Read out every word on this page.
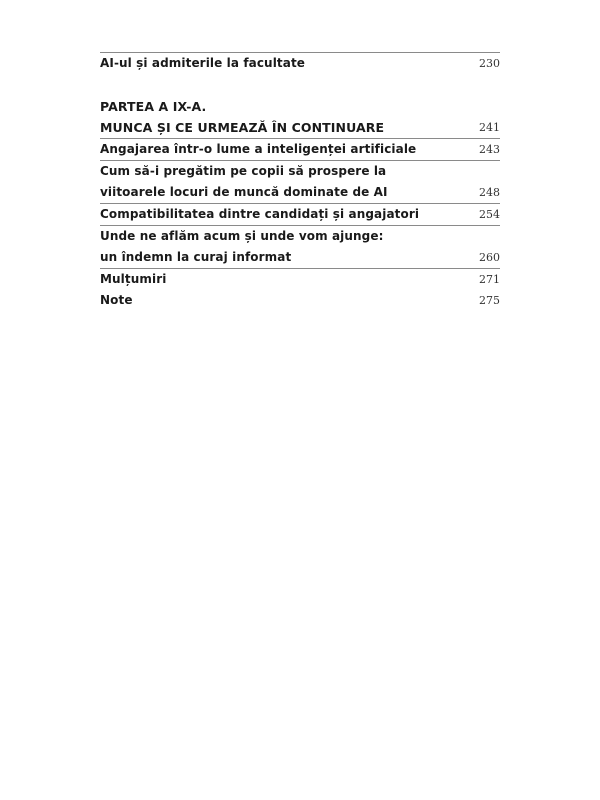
AI-ul și admiterile la facultate	230
PARTEA A IX-A.
MUNCA ȘI CE URMEAZĂ ÎN CONTINUARE	241
Angajarea într-o lume a inteligenței artificiale	243
Cum să-i pregătim pe copii să prospere la
viitoarele locuri de muncă dominate de AI	248
Compatibilitatea dintre candidați și angajatori	254
Unde ne aflăm acum și unde vom ajunge:
un îndemn la curaj informat	260
Mulțumiri	271
Note	275
